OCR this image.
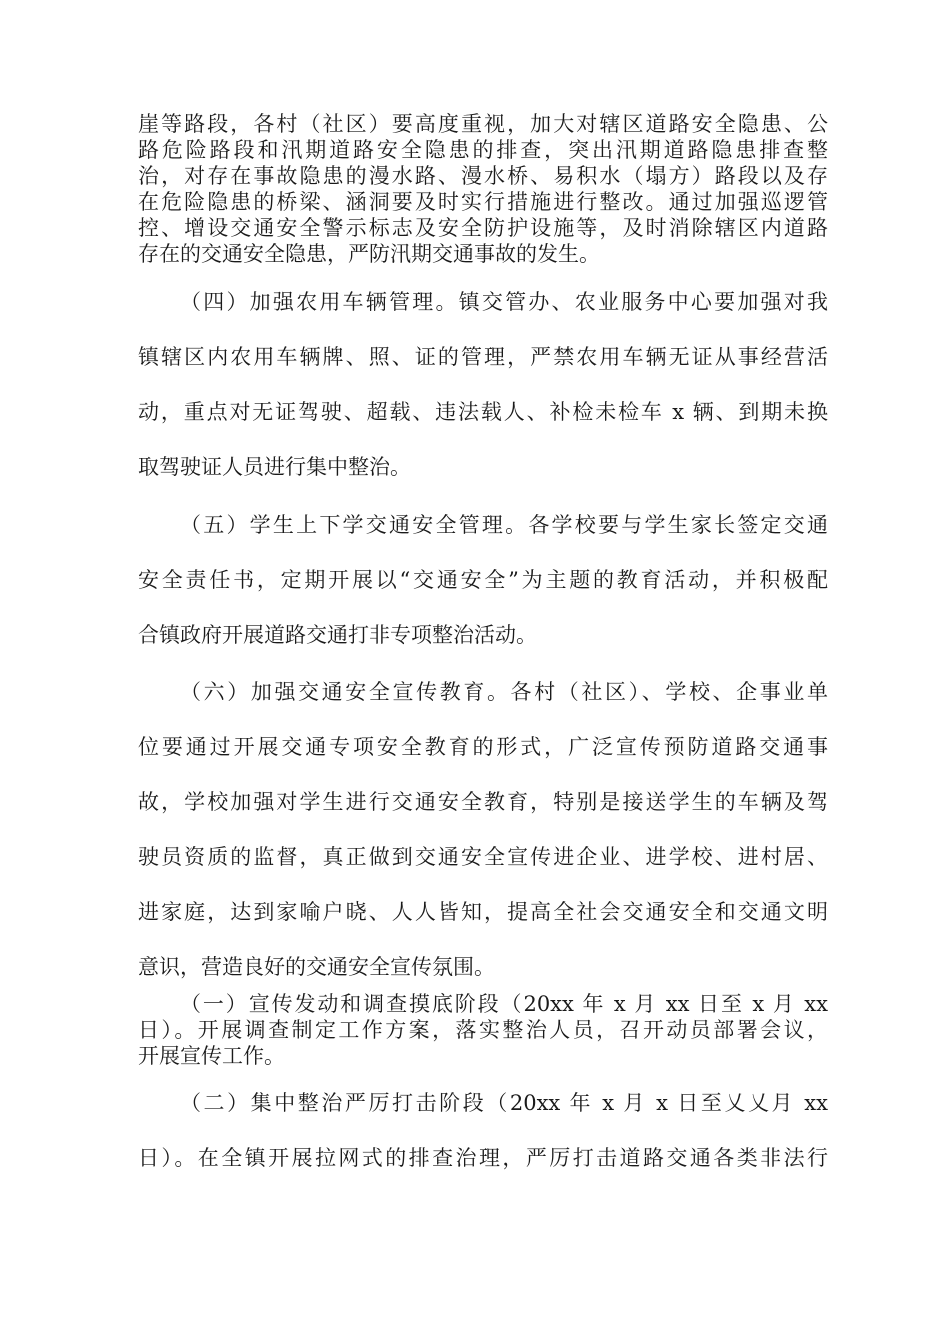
崖等路段，各村（社区）要高度重视，加大对辖区道路安全隐患、公
路危险路段和汛期道路安全隐患的排查，突出汛期道路隐患排查整
治，对存在事故隐患的漫水路、漫水桥、易积水（塌方）路段以及存
在危险隐患的桥梁、涵洞要及时实行措施进行整改。通过加强巡逻管
控、增设交通安全警示标志及安全防护设施等，及时消除辖区内道路
存在的交通安全隐患，严防汛期交通事故的发生。
（四）加强农用车辆管理。镇交管办、农业服务中心要加强对我
镇辖区内农用车辆牌、照、证的管理，严禁农用车辆无证从事经营活
动，重点对无证驾驶、超载、违法载人、补检未检车 x 辆、到期未换
取驾驶证人员进行集中整治。
（五）学生上下学交通安全管理。各学校要与学生家长签定交通
安全责任书，定期开展以“交通安全”为主题的教育活动，并积极配
合镇政府开展道路交通打非专项整治活动。
（六）加强交通安全宣传教育。各村（社区）、学校、企事业单
位要通过开展交通专项安全教育的形式，广泛宣传预防道路交通事
故，学校加强对学生进行交通安全教育，特别是接送学生的车辆及驾
驶员资质的监督，真正做到交通安全宣传进企业、进学校、进村居、
进家庭，达到家喻户晓、人人皆知，提高全社会交通安全和交通文明
意识，营造良好的交通安全宣传氛围。
（一）宣传发动和调查摸底阶段（20xx 年 x 月 xx 日至 x 月 xx
日）。开展调查制定工作方案，落实整治人员，召开动员部署会议，
开展宣传工作。
（二）集中整治严厉打击阶段（20xx 年 x 月 x 日至乂乂月 xx
日）。在全镇开展拉网式的排查治理，严厉打击道路交通各类非法行
